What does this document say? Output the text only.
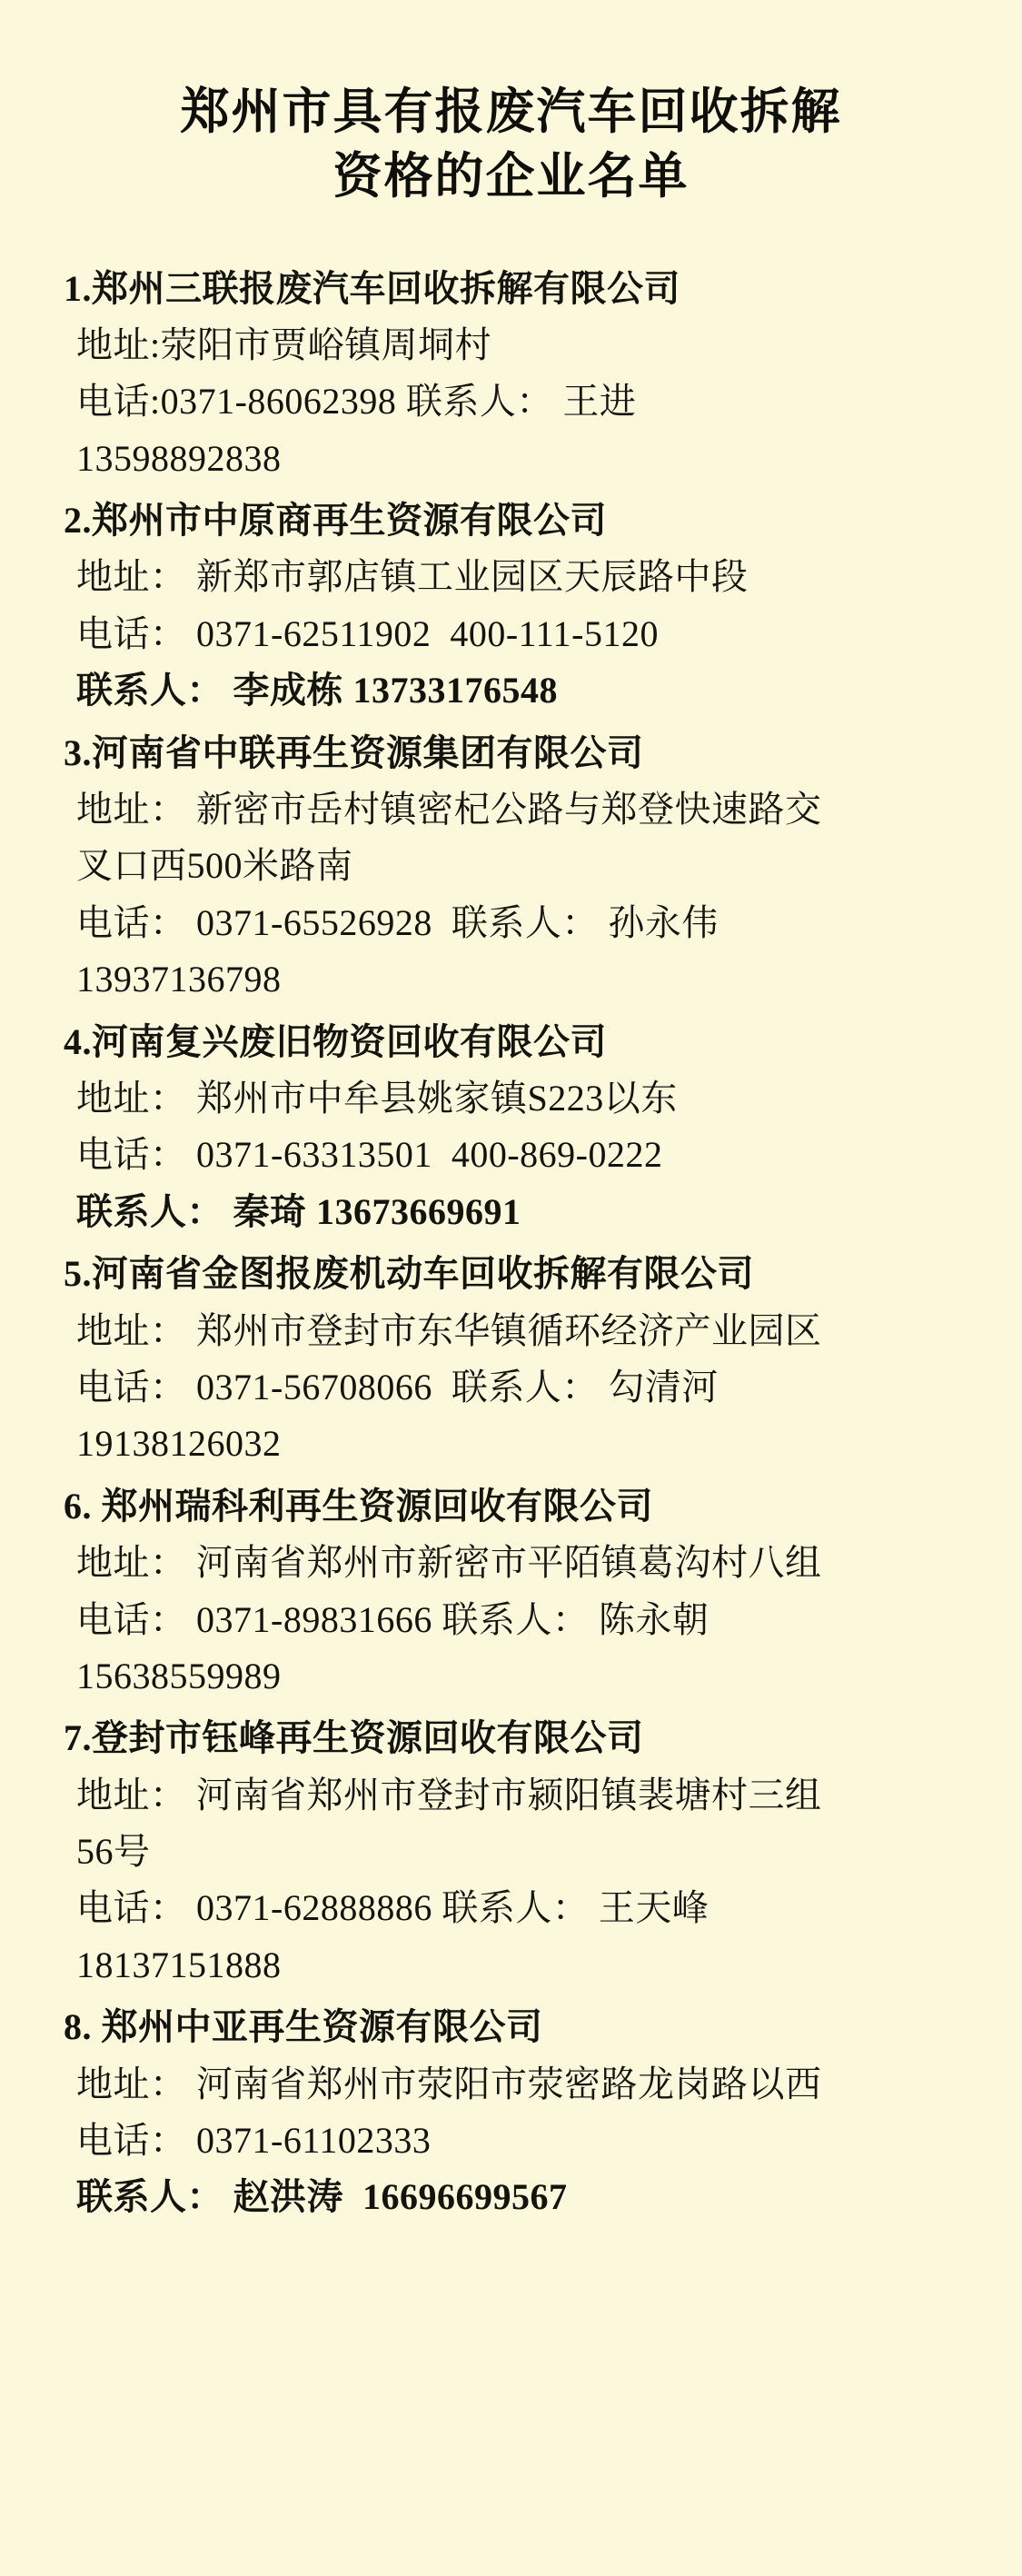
郑州市具有报废汽车回收拆解
资格的企业名单
1.郑州三联报废汽车回收拆解有限公司
地址:荥阳市贾峪镇周垌村
电话:0371-86062398 联系人： 王进
13598892838
2.郑州市中原商再生资源有限公司
地址： 新郑市郭店镇工业园区天辰路中段
电话： 0371-62511902  400-111-5120
联系人： 李成栋 13733176548
3.河南省中联再生资源集团有限公司
地址： 新密市岳村镇密杞公路与郑登快速路交
叉口西500米路南
电话： 0371-65526928  联系人： 孙永伟
13937136798
4.河南复兴废旧物资回收有限公司
地址： 郑州市中牟县姚家镇S223以东
电话： 0371-63313501  400-869-0222
联系人： 秦琦 13673669691
5.河南省金图报废机动车回收拆解有限公司
地址： 郑州市登封市东华镇循环经济产业园区
电话： 0371-56708066  联系人： 勾清河
19138126032
6. 郑州瑞科利再生资源回收有限公司
地址： 河南省郑州市新密市平陌镇葛沟村八组
电话： 0371-89831666 联系人： 陈永朝
15638559989
7.登封市钰峰再生资源回收有限公司
地址： 河南省郑州市登封市颍阳镇裴塘村三组
56号
电话： 0371-62888886 联系人： 王天峰
18137151888
8. 郑州中亚再生资源有限公司
地址： 河南省郑州市荥阳市荥密路龙岗路以西
电话： 0371-61102333
联系人： 赵洪涛  16696699567
